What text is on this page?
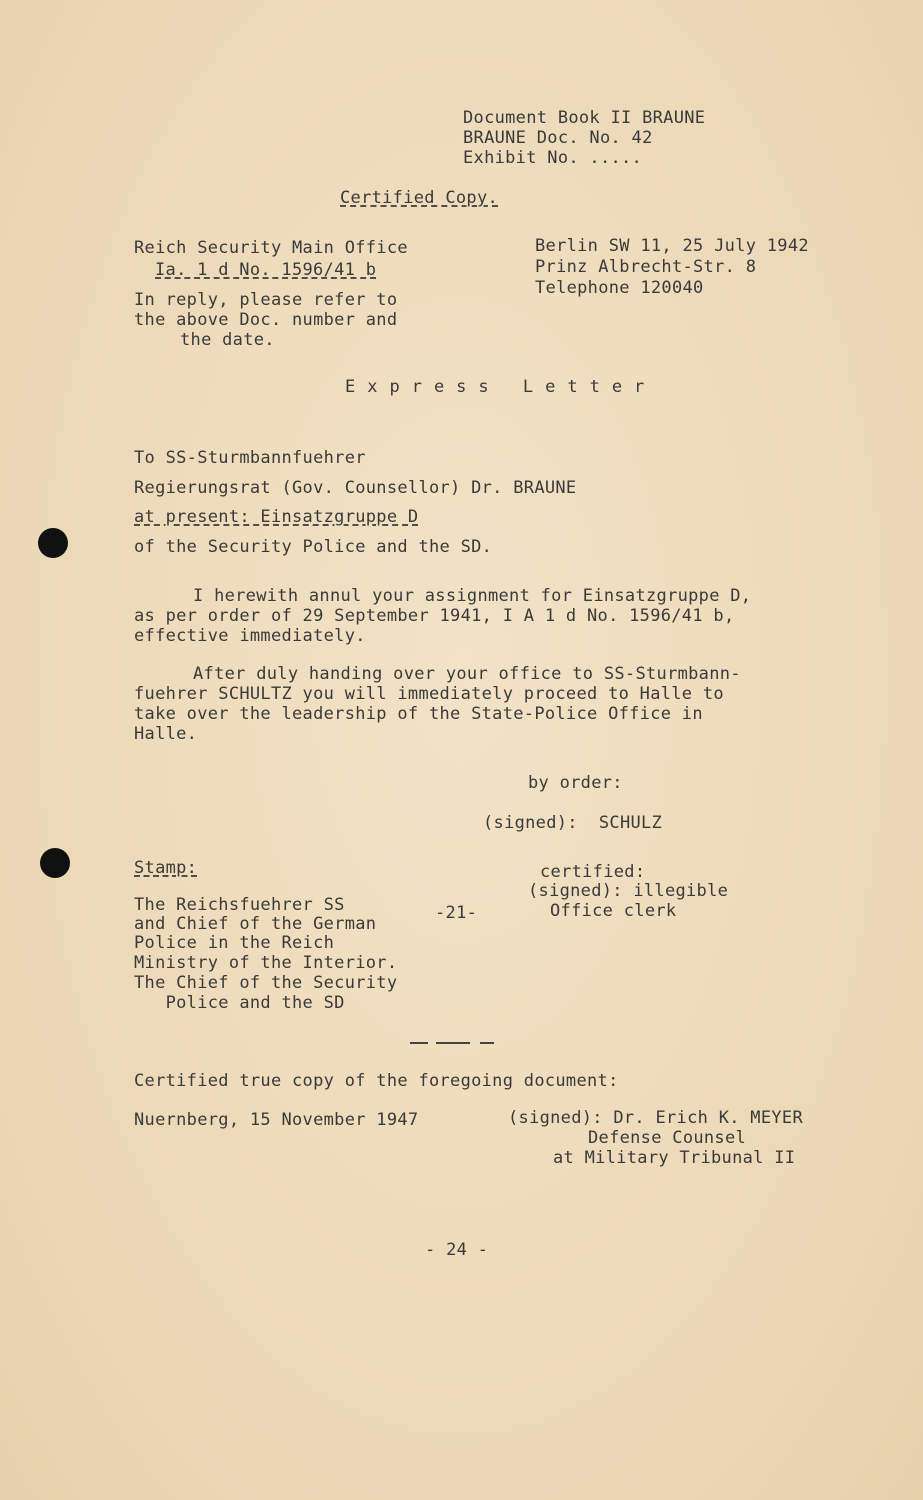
Document Book II BRAUNE
BRAUNE Doc. No. 42
Exhibit No. .....
Certified Copy.
Reich Security Main Office
Ia. 1 d No. 1596/41 b
In reply, please refer to
the above Doc. number and
the date.
Berlin SW 11, 25 July 1942
Prinz Albrecht-Str. 8
Telephone 120040
Express Letter
To SS-Sturmbannfuehrer
Regierungsrat (Gov. Counsellor) Dr. BRAUNE
at present: Einsatzgruppe D
of the Security Police and the SD.
I herewith annul your assignment for Einsatzgruppe D,
as per order of 29 September 1941, I A 1 d No. 1596/41 b,
effective immediately.
After duly handing over your office to SS-Sturmbann-
fuehrer SCHULTZ you will immediately proceed to Halle to
take over the leadership of the State-Police Office in
Halle.
by order:
(signed):  SCHULZ
Stamp:
The Reichsfuehrer SS
and Chief of the German
Police in the Reich
Ministry of the Interior.
The Chief of the Security
Police and the SD
-21-
certified:
(signed): illegible
Office clerk
Certified true copy of the foregoing document:
Nuernberg, 15 November 1947	(signed): Dr. Erich K. MEYER
Defense Counsel
at Military Tribunal II
- 24 -
